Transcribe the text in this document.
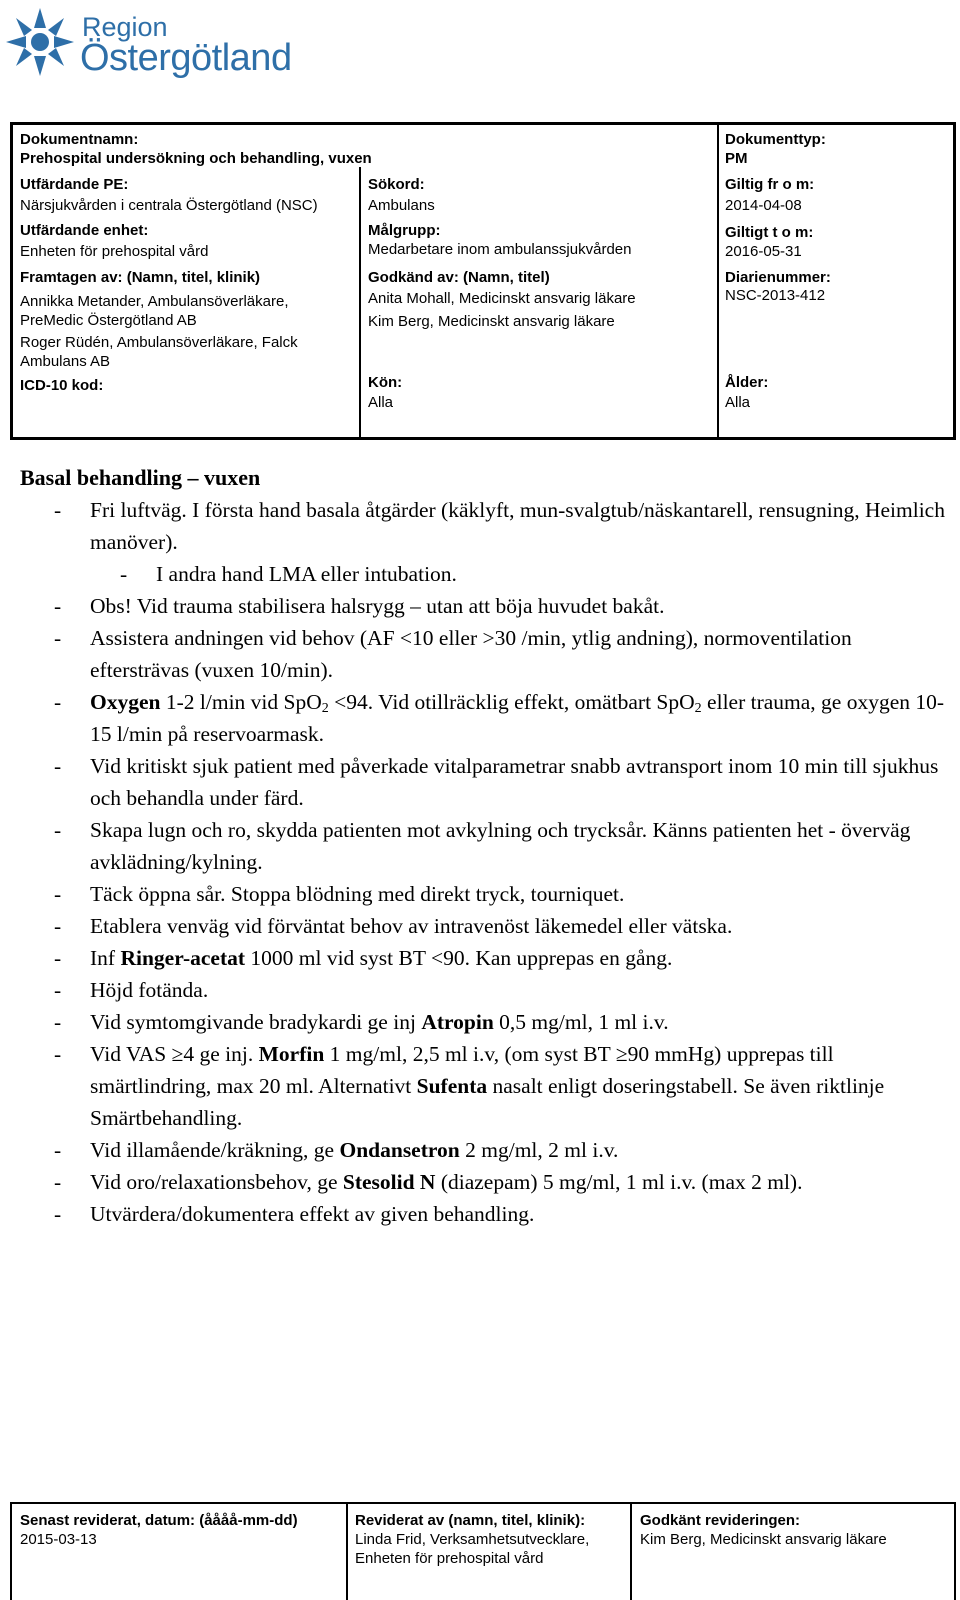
Region
Östergötland
Dokumentnamn:
Prehospital undersökning och behandling, vuxen
Dokumenttyp:
PM
Utfärdande PE:
Närsjukvården i centrala Östergötland (NSC)
Sökord:
Ambulans
Giltig fr o m:
2014-04-08
Utfärdande enhet:
Enheten för prehospital vård
Målgrupp:
Medarbetare inom ambulanssjukvården
Giltigt t o m:
2016-05-31
Framtagen av: (Namn, titel, klinik)
Annikka Metander, Ambulansöverläkare,
PreMedic Östergötland AB
Roger Rüdén, Ambulansöverläkare, Falck
Ambulans AB
Godkänd av: (Namn, titel)
Anita Mohall, Medicinskt ansvarig läkare
Kim Berg, Medicinskt ansvarig läkare
Diarienummer:
NSC-2013-412
ICD-10 kod:	Kön:
Alla
Ålder:
Alla
Basal behandling – vuxen
- Fri luftväg. I första hand basala åtgärder (käklyft, mun-svalgtub/näskantarell, rensugning, Heimlich manöver).
- I andra hand LMA eller intubation.
- Obs! Vid trauma stabilisera halsrygg – utan att böja huvudet bakåt.
- Assistera andningen vid behov (AF <10 eller >30 /min, ytlig andning), normoventilation eftersträvas (vuxen 10/min).
- Oxygen 1-2 l/min vid SpO$_2$ <94. Vid otillräcklig effekt, omätbart SpO$_2$ eller trauma, ge oxygen 10-15 l/min på reservoarmask.
- Vid kritiskt sjuk patient med påverkade vitalparametrar snabb avtransport inom 10 min till sjukhus och behandla under färd.
- Skapa lugn och ro, skydda patienten mot avkylning och trycksår. Känns patienten het - överväg avklädning/kylning.
- Täck öppna sår. Stoppa blödning med direkt tryck, tourniquet.
- Etablera venväg vid förväntat behov av intravenöst läkemedel eller vätska.
- Inf Ringer-acetat 1000 ml vid syst BT <90. Kan upprepas en gång.
- Höjd fotända.
- Vid symtomgivande bradykardi ge inj Atropin 0,5 mg/ml, 1 ml i.v.
- Vid VAS ≥4 ge inj. Morfin 1 mg/ml, 2,5 ml i.v, (om syst BT ≥90 mmHg) upprepas till smärtlindring, max 20 ml. Alternativt Sufenta nasalt enligt doseringstabell. Se även riktlinje Smärtbehandling.
- Vid illamående/kräkning, ge Ondansetron 2 mg/ml, 2 ml i.v.
- Vid oro/relaxationsbehov, ge Stesolid N (diazepam) 5 mg/ml, 1 ml i.v. (max 2 ml).
- Utvärdera/dokumentera effekt av given behandling.
Senast reviderat, datum: (åååå-mm-dd)
2015-03-13
Reviderat av (namn, titel, klinik):
Linda Frid, Verksamhetsutvecklare,
Enheten för prehospital vård
Godkänt revideringen:
Kim Berg, Medicinskt ansvarig läkare
